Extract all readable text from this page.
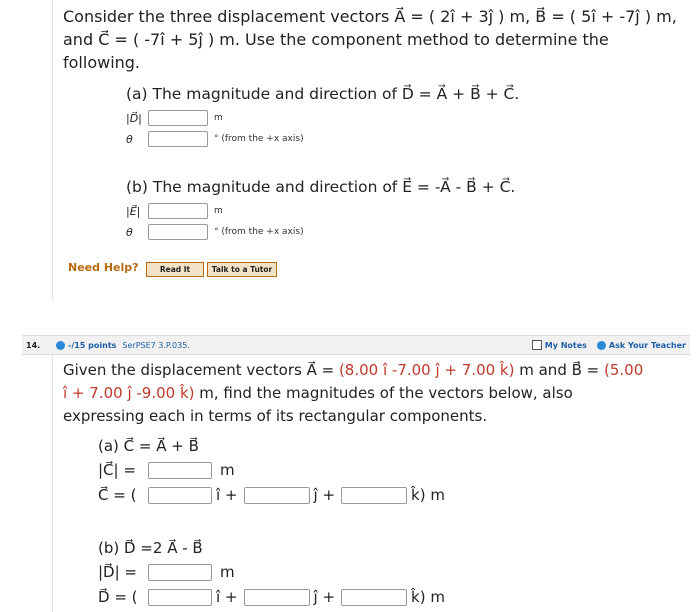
Consider the three displacement vectors A⃗ = ( 2î + 3ĵ ) m, B⃗ = ( 5î + -7ĵ ) m,
and C⃗ = ( -7î + 5ĵ ) m. Use the component method to determine the
following.
(a) The magnitude and direction of D⃗ = A⃗ + B⃗ + C⃗.
|D⃗|	m
θ	° (from the +x axis)
(b) The magnitude and direction of E⃗ = -A⃗ - B⃗ + C⃗.
|E⃗|	m
θ	° (from the +x axis)
Need Help?	Read It	Talk to a Tutor
14.	-/15 points SerPSE7 3.P.035.	My Notes	Ask Your Teacher
Given the displacement vectors A⃗ = (8.00 î -7.00 ĵ + 7.00 k̂) m and B⃗ = (5.00
î + 7.00 ĵ -9.00 k̂) m, find the magnitudes of the vectors below, also
expressing each in terms of its rectangular components.
(a) C⃗ = A⃗ + B⃗
|C⃗| =	m
C⃗ = (	î +	ĵ +	k̂) m
(b) D⃗ =2 A⃗ - B⃗
|D⃗| =	m
D⃗ = (	î +	ĵ +	k̂) m
